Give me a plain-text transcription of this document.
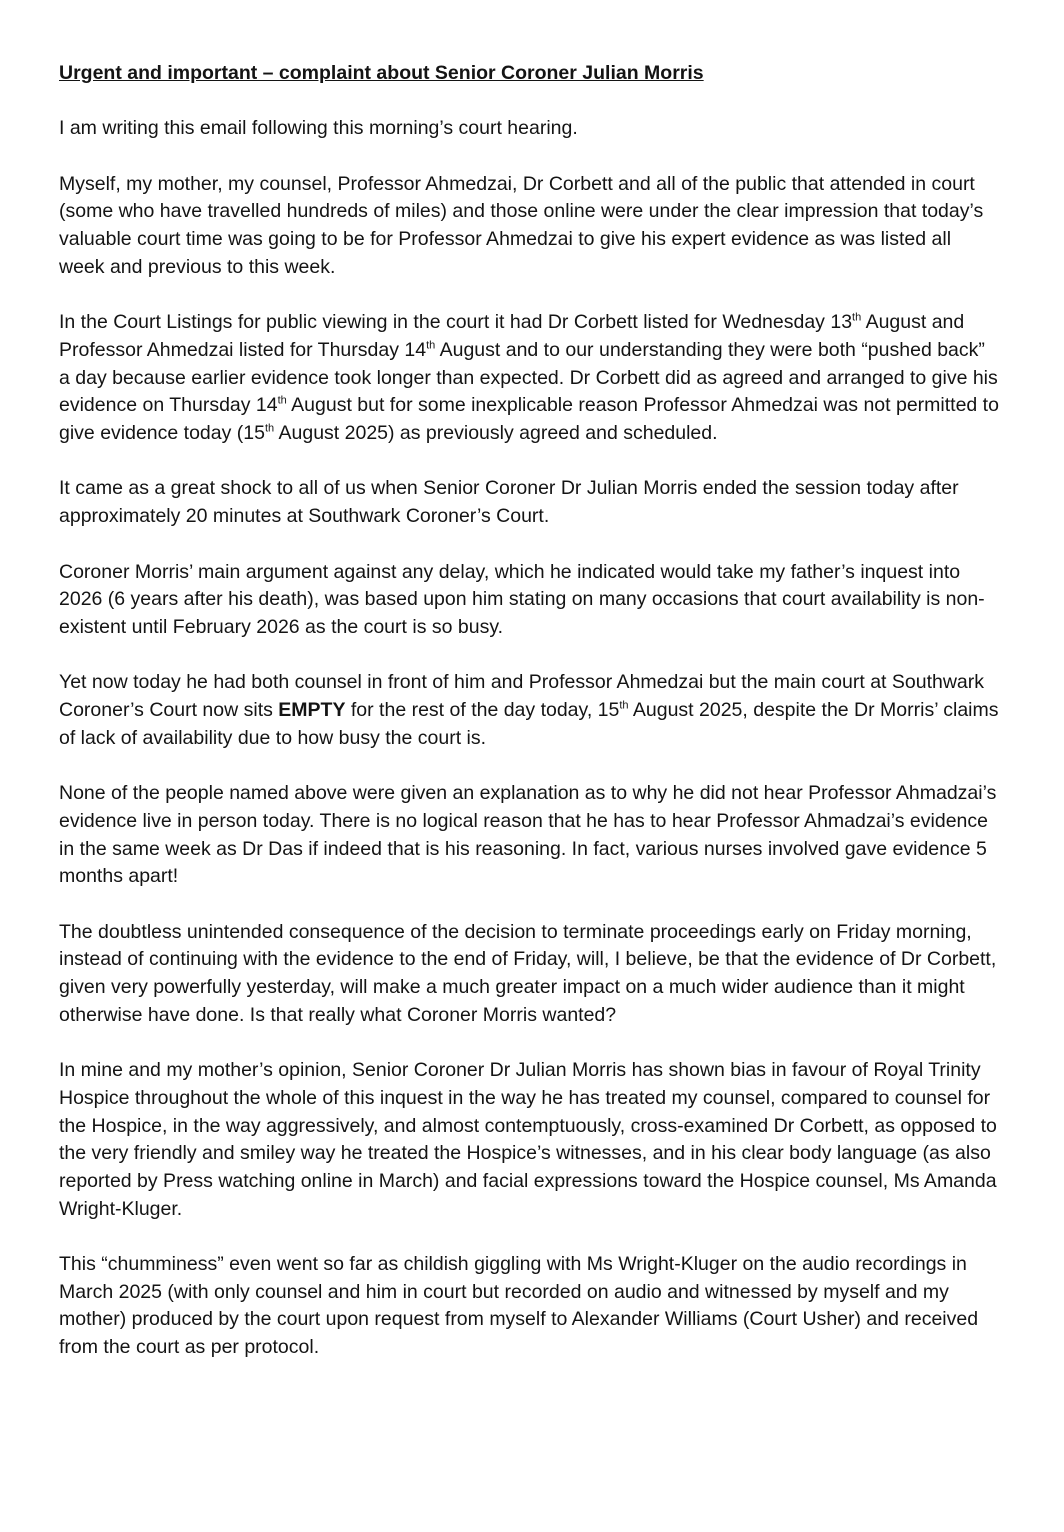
Urgent and important – complaint about Senior Coroner Julian Morris

I am writing this email following this morning’s court hearing.

Myself, my mother, my counsel, Professor Ahmedzai, Dr Corbett and all of the public that attended in court (some who have travelled hundreds of miles) and those online were under the clear impression that today’s valuable court time was going to be for Professor Ahmedzai to give his expert evidence as was listed all week and previous to this week.

In the Court Listings for public viewing in the court it had Dr Corbett listed for Wednesday 13th August and Professor Ahmedzai listed for Thursday 14th August and to our understanding they were both “pushed back” a day because earlier evidence took longer than expected. Dr Corbett did as agreed and arranged to give his evidence on Thursday 14th August but for some inexplicable reason Professor Ahmedzai was not permitted to give evidence today (15th August 2025) as previously agreed and scheduled.

It came as a great shock to all of us when Senior Coroner Dr Julian Morris ended the session today after approximately 20 minutes at Southwark Coroner’s Court.

Coroner Morris’ main argument against any delay, which he indicated would take my father’s inquest into 2026 (6 years after his death), was based upon him stating on many occasions that court availability is non-existent until February 2026 as the court is so busy.

Yet now today he had both counsel in front of him and Professor Ahmedzai but the main court at Southwark Coroner’s Court now sits EMPTY for the rest of the day today, 15th August 2025, despite the Dr Morris’ claims of lack of availability due to how busy the court is.

None of the people named above were given an explanation as to why he did not hear Professor Ahmadzai’s evidence live in person today. There is no logical reason that he has to hear Professor Ahmadzai’s evidence in the same week as Dr Das if indeed that is his reasoning. In fact, various nurses involved gave evidence 5 months apart!

The doubtless unintended consequence of the decision to terminate proceedings early on Friday morning, instead of continuing with the evidence to the end of Friday, will, I believe, be that the evidence of Dr Corbett, given very powerfully yesterday, will make a much greater impact on a much wider audience than it might otherwise have done. Is that really what Coroner Morris wanted?

In mine and my mother’s opinion, Senior Coroner Dr Julian Morris has shown bias in favour of Royal Trinity Hospice throughout the whole of this inquest in the way he has treated my counsel, compared to counsel for the Hospice, in the way aggressively, and almost contemptuously, cross-examined Dr Corbett, as opposed to the very friendly and smiley way he treated the Hospice’s witnesses, and in his clear body language (as also reported by Press watching online in March) and facial expressions toward the Hospice counsel, Ms Amanda Wright-Kluger.

This “chumminess” even went so far as childish giggling with Ms Wright-Kluger on the audio recordings in March 2025 (with only counsel and him in court but recorded on audio and witnessed by myself and my mother) produced by the court upon request from myself to Alexander Williams (Court Usher) and received from the court as per protocol.
